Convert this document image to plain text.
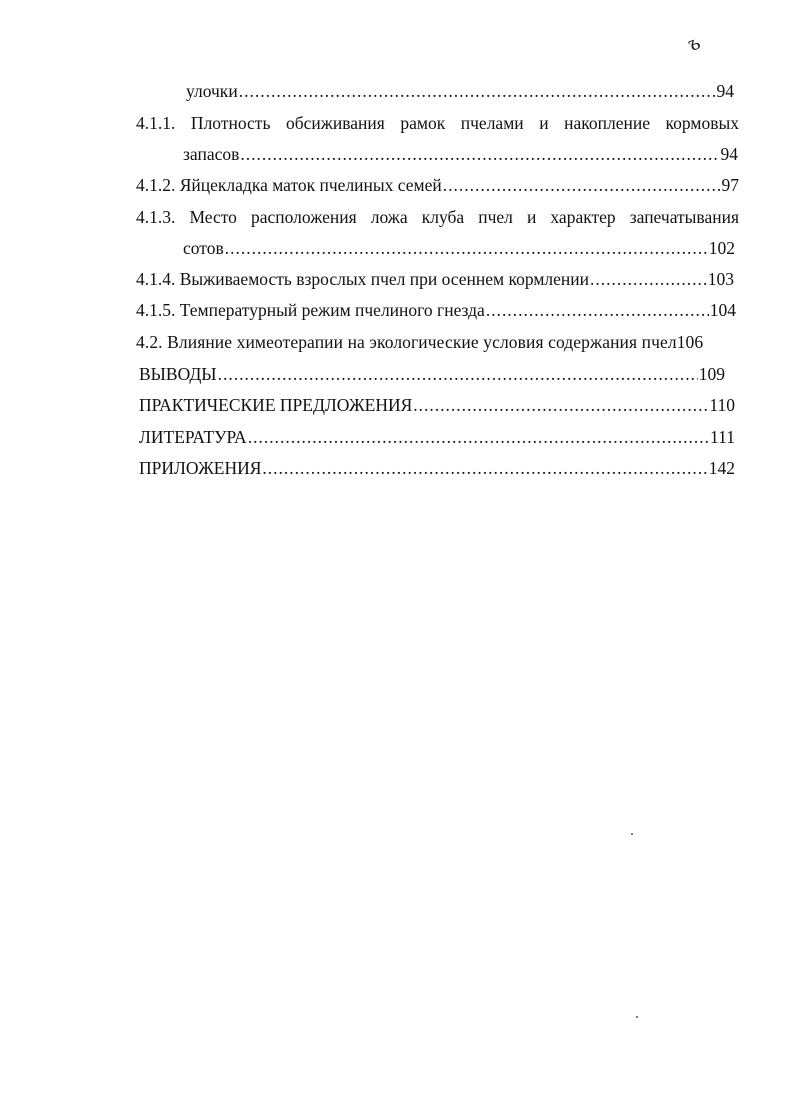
ъ
улочки .....	94
4.1.1. Плотность обсиживания рамок пчелами и накопление кормовых
запасов .....	94
4.1.2. Яйцекладка маток пчелиных семей .....	97
4.1.3. Место расположения ложа клуба пчел и характер запечатывания
сотов .....	102
4.1.4. Выживаемость взрослых пчел при осеннем кормлении .....	103
4.1.5. Температурный режим пчелиного гнезда .....	104
4.2. Влияние химеотерапии на экологические условия содержания пчел106
ВЫВОДЫ .....	109
ПРАКТИЧЕСКИЕ ПРЕДЛОЖЕНИЯ .....	110
ЛИТЕРАТУРА .....	111
ПРИЛОЖЕНИЯ .....	142
